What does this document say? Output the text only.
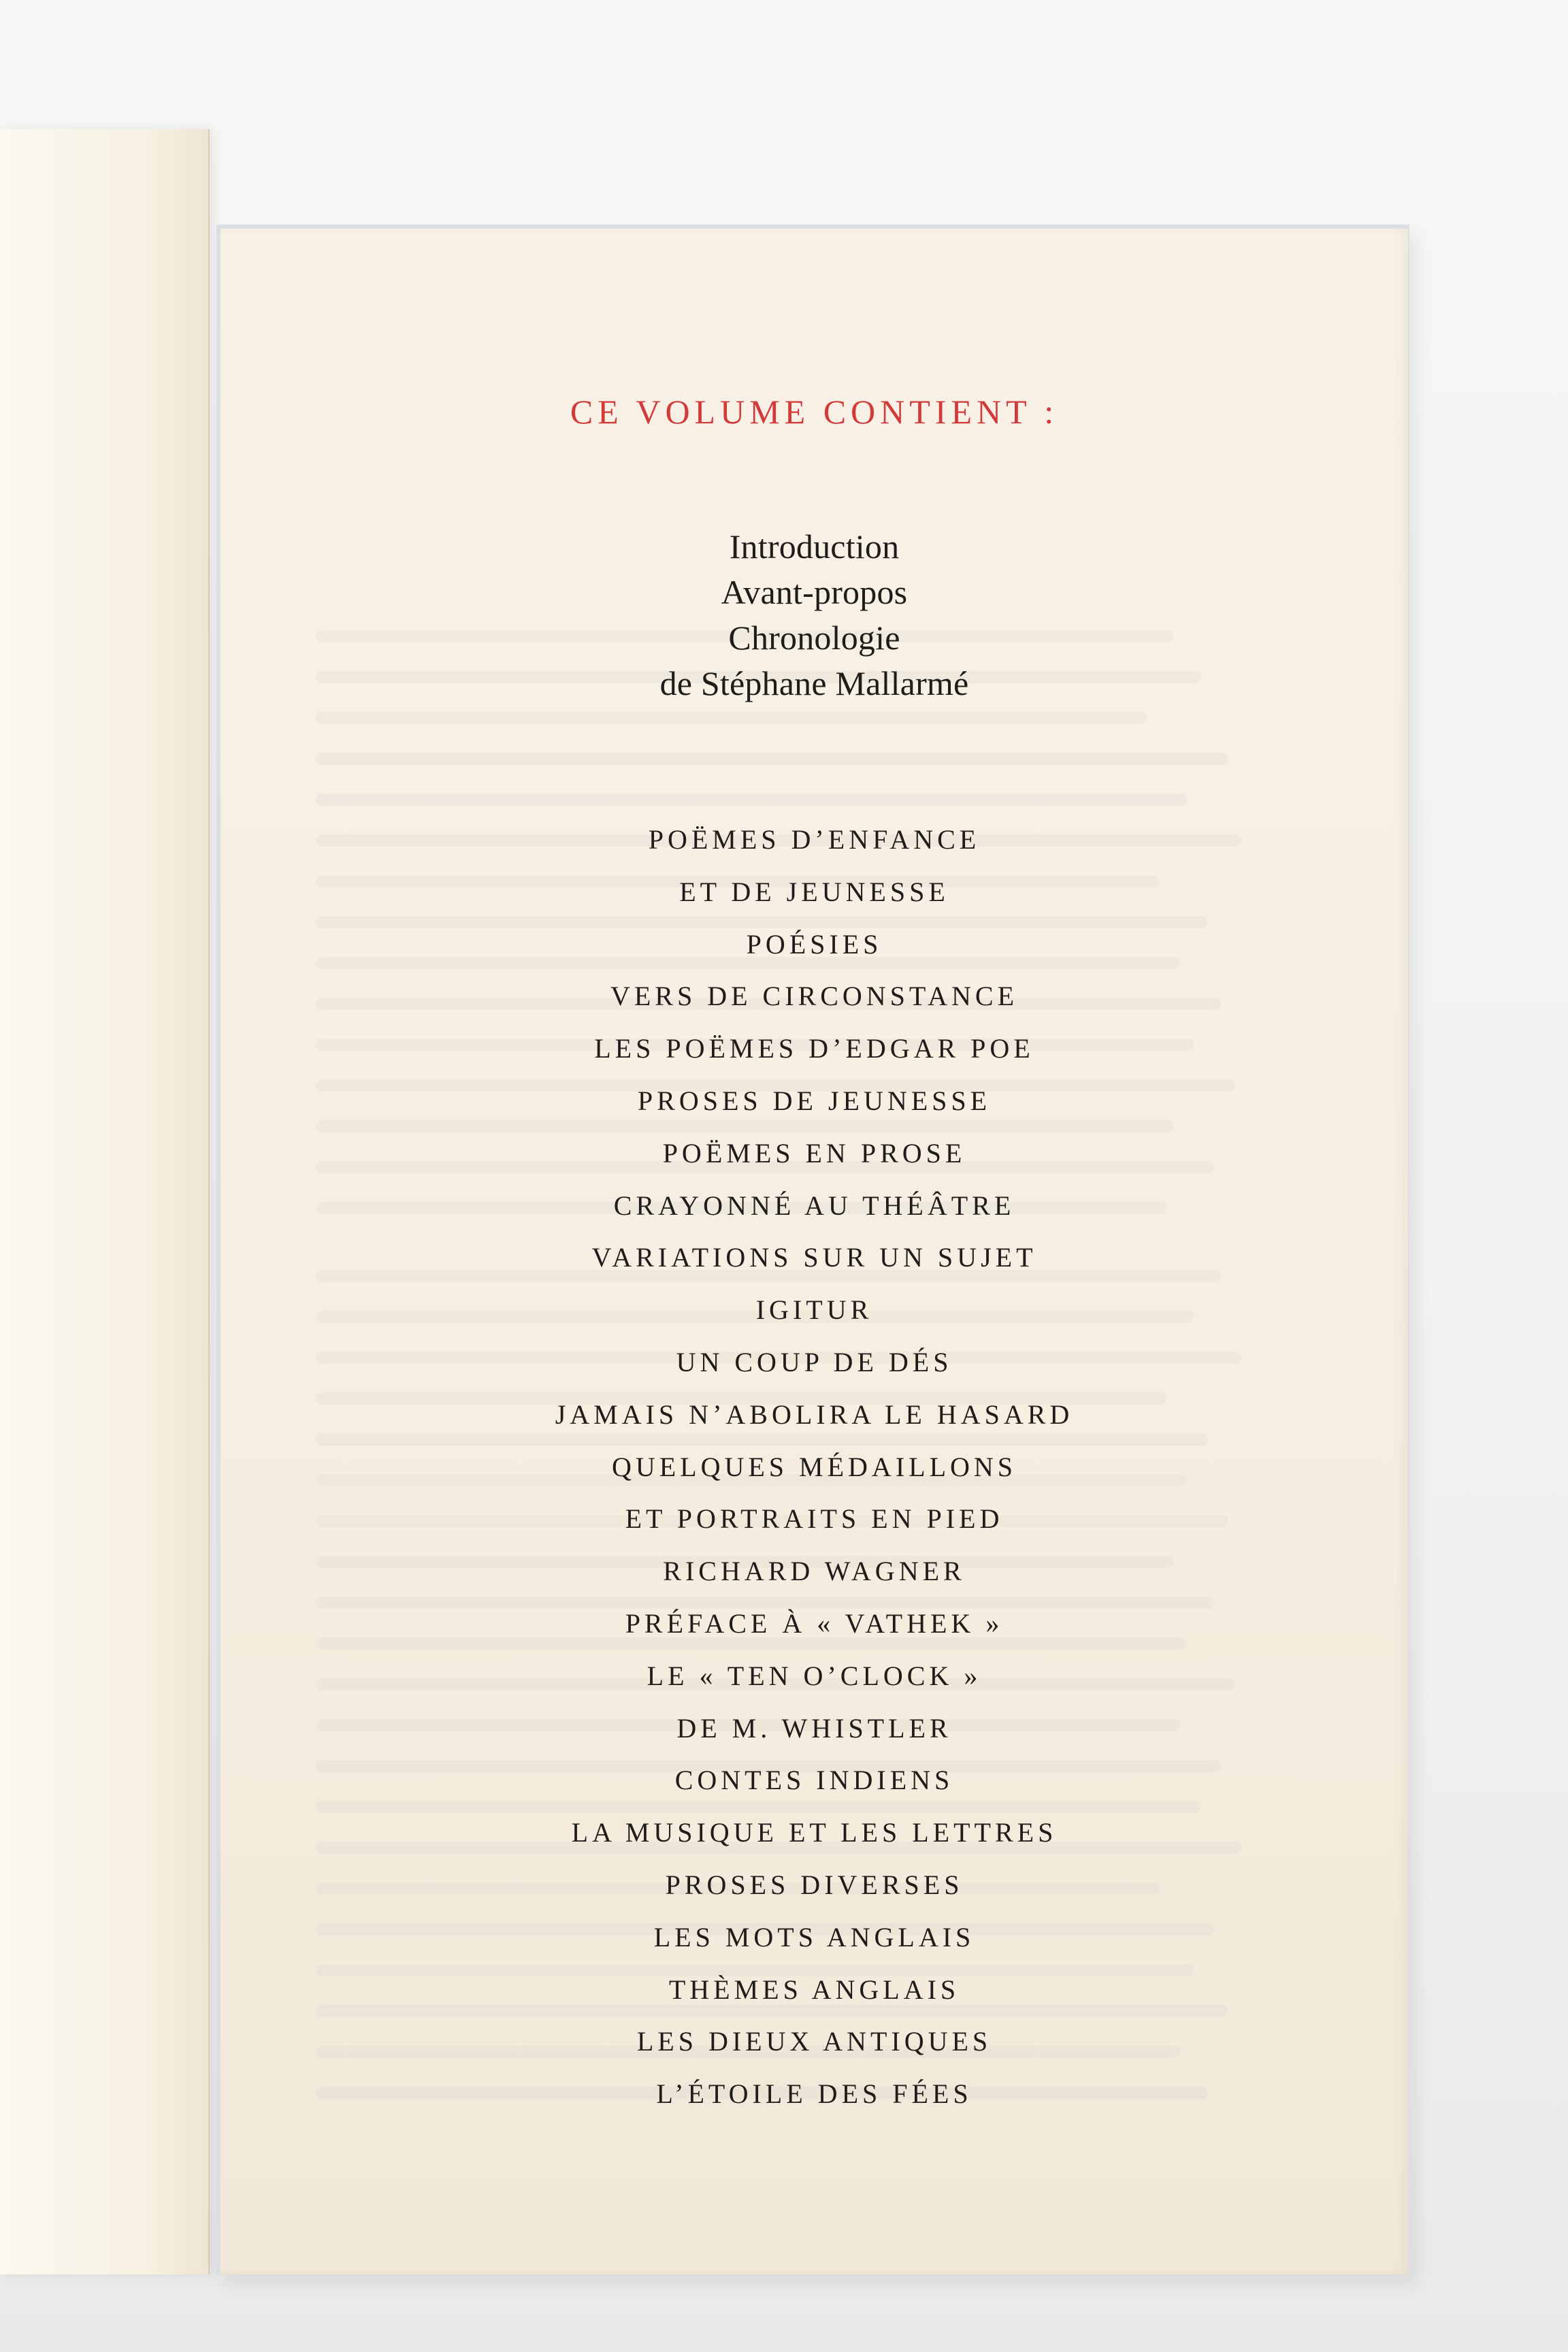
CE VOLUME CONTIENT :
Introduction
Avant-propos
Chronologie
de Stéphane Mallarmé
POËMES D’ENFANCE
ET DE JEUNESSE
POÉSIES
VERS DE CIRCONSTANCE
LES POËMES D’EDGAR POE
PROSES DE JEUNESSE
POËMES EN PROSE
CRAYONNÉ AU THÉÂTRE
VARIATIONS SUR UN SUJET
IGITUR
UN COUP DE DÉS
JAMAIS N’ABOLIRA LE HASARD
QUELQUES MÉDAILLONS
ET PORTRAITS EN PIED
RICHARD WAGNER
PRÉFACE À « VATHEK »
LE « TEN O’CLOCK »
DE M. WHISTLER
CONTES INDIENS
LA MUSIQUE ET LES LETTRES
PROSES DIVERSES
LES MOTS ANGLAIS
THÈMES ANGLAIS
LES DIEUX ANTIQUES
L’ÉTOILE DES FÉES
